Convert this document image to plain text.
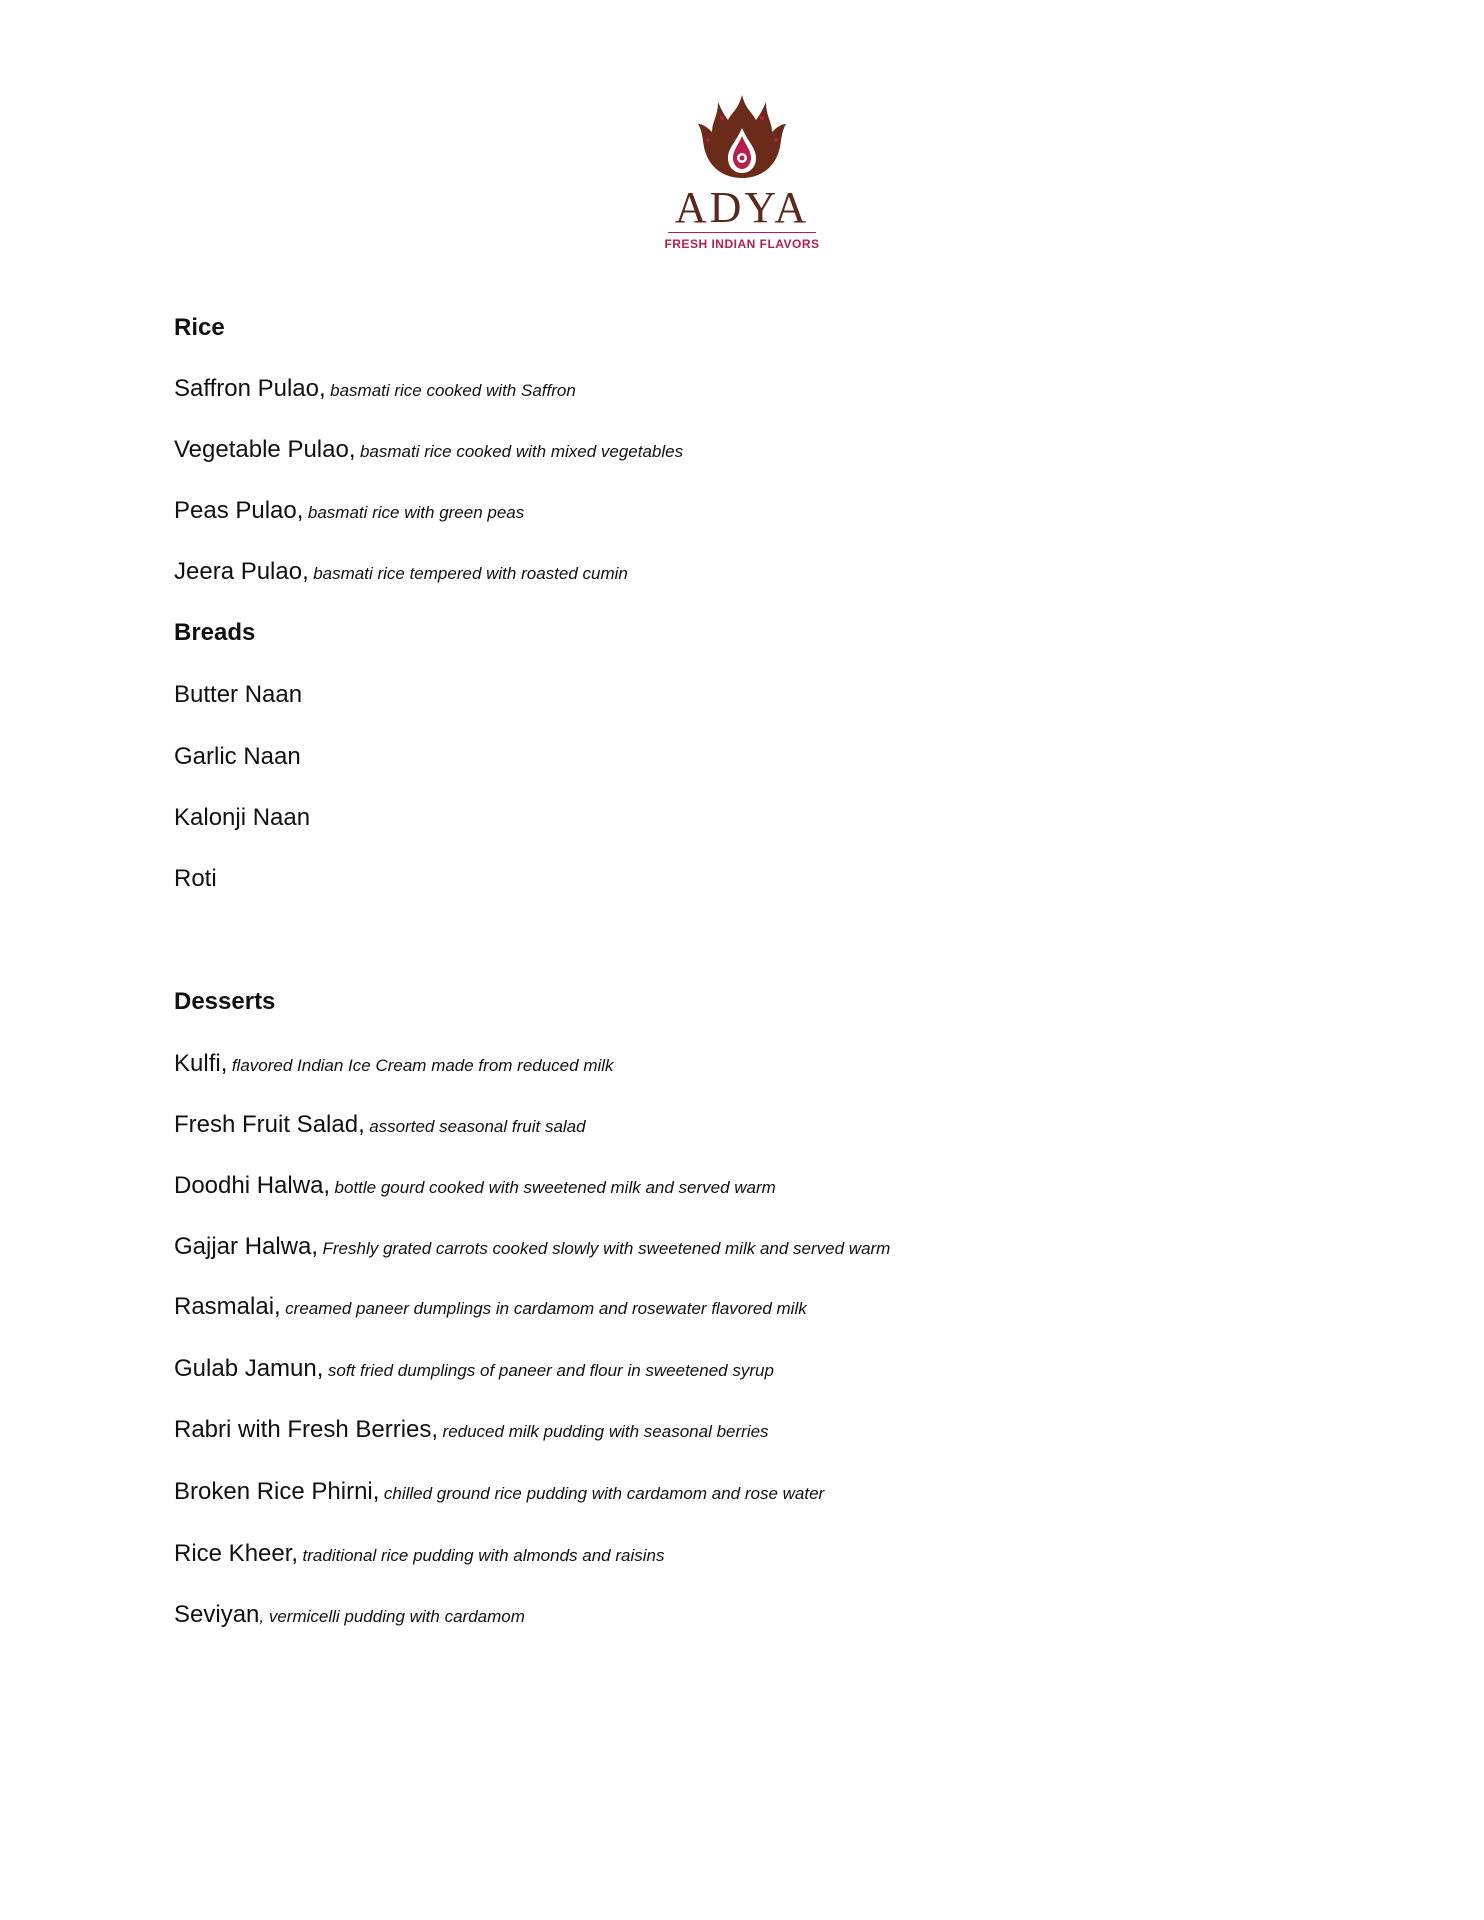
ADYA
FRESH INDIAN FLAVORS
Rice
Saffron Pulao, basmati rice cooked with Saffron
Vegetable Pulao, basmati rice cooked with mixed vegetables
Peas Pulao, basmati rice with green peas
Jeera Pulao, basmati rice tempered with roasted cumin
Breads
Butter Naan
Garlic Naan
Kalonji Naan
Roti
Desserts
Kulfi, flavored Indian Ice Cream made from reduced milk
Fresh Fruit Salad, assorted seasonal fruit salad
Doodhi Halwa, bottle gourd cooked with sweetened milk and served warm
Gajjar Halwa, Freshly grated carrots cooked slowly with sweetened milk and served warm
Rasmalai, creamed paneer dumplings in cardamom and rosewater flavored milk
Gulab Jamun, soft fried dumplings of paneer and flour in sweetened syrup
Rabri with Fresh Berries, reduced milk pudding with seasonal berries
Broken Rice Phirni, chilled ground rice pudding with cardamom and rose water
Rice Kheer, traditional rice pudding with almonds and raisins
Seviyan, vermicelli pudding with cardamom
